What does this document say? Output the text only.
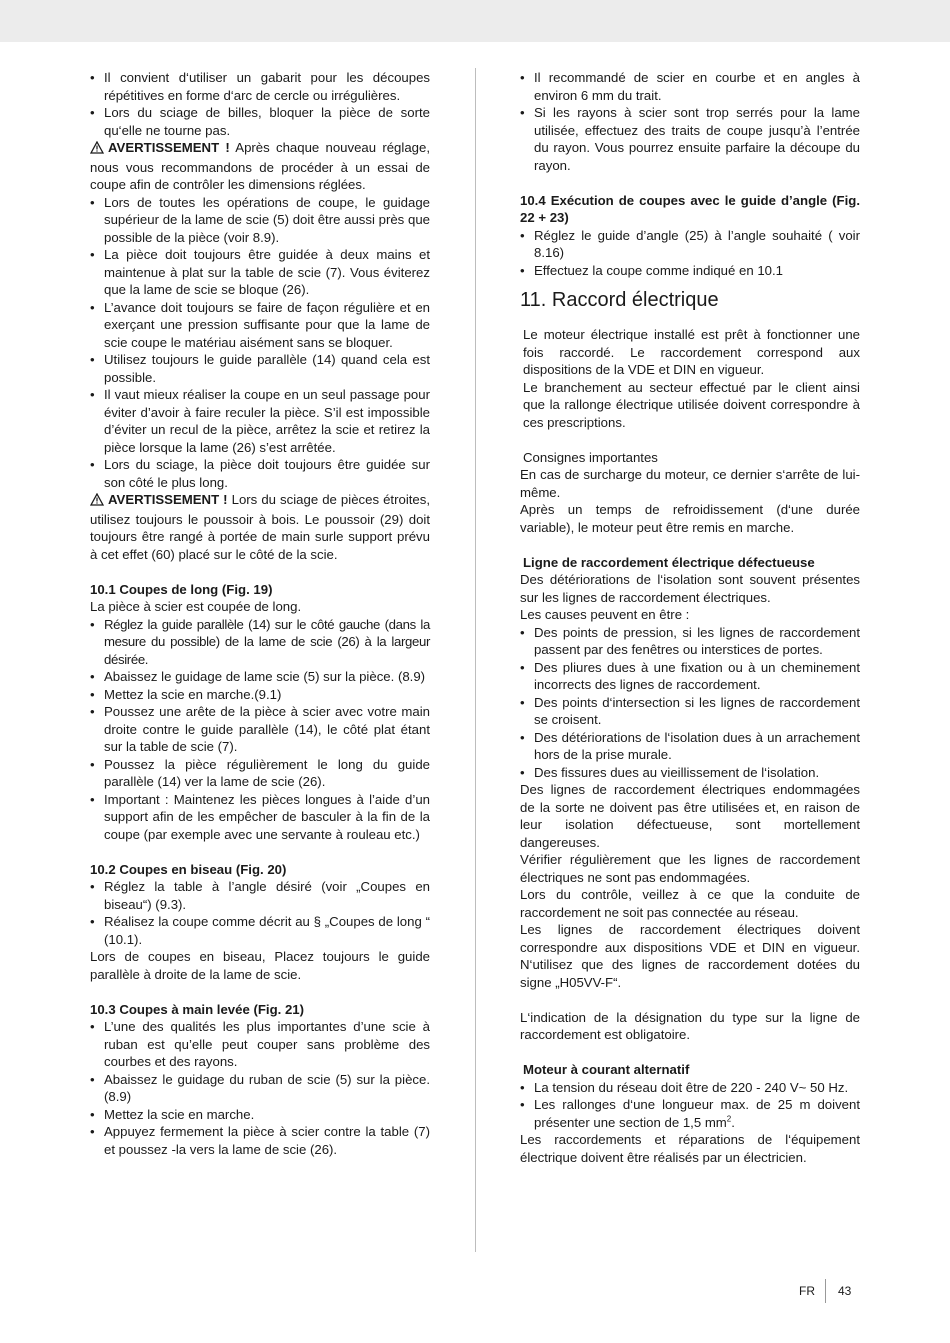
• Il convient d‘utiliser un gabarit pour les découpes répétitives en forme d‘arc de cercle ou irrégulières.

• Lors du sciage de billes, bloquer la pièce de sorte qu‘elle ne tourne pas.

AVERTISSEMENT ! Après chaque nouveau réglage, nous vous recommandons de procéder à un essai de coupe afin de contrôler les dimensions réglées.

• Lors de toutes les opérations de coupe, le guidage supérieur de la lame de scie (5) doit être aussi près que possible de la pièce (voir 8.9).

• La pièce doit toujours être guidée à deux mains et maintenue à plat sur la table de scie (7). Vous éviterez que la lame de scie se bloque (26).

• L’avance doit toujours se faire de façon régulière et en exerçant une pression suffisante pour que la lame de scie coupe le matériau aisément sans se bloquer.

• Utilisez toujours le guide parallèle (14) quand cela est possible.

• Il vaut mieux réaliser la coupe en un seul passage pour éviter d’avoir à faire reculer la pièce. S’il est impossible d’éviter un recul de la pièce, arrêtez la scie et retirez la pièce lorsque la lame (26) s’est arrêtée.

• Lors du sciage, la pièce doit toujours être guidée sur son côté le plus long.

AVERTISSEMENT ! Lors du sciage de pièces étroites, utilisez toujours le poussoir à bois. Le poussoir (29) doit toujours être rangé à portée de main surle support prévu à cet effet (60) placé sur le côté de la scie.

10.1 Coupes de long (Fig. 19)

La pièce à scier est coupée de long.

• Réglez la guide parallèle (14) sur le côté gauche (dans la mesure du possible) de la lame de scie (26) à la largeur désirée.

• Abaissez le guidage de lame scie (5) sur la pièce. (8.9)

• Mettez la scie en marche.(9.1)

• Poussez une arête de la pièce à scier avec votre main droite contre le guide parallèle (14), le côté plat étant sur la table de scie (7).

• Poussez la pièce régulièrement le long du guide parallèle (14) ver la lame de scie (26).

• Important : Maintenez les pièces longues à l’aide d’un support afin de les empêcher de basculer à la fin de la coupe (par exemple avec une servante à rouleau etc.)

10.2 Coupes en biseau (Fig. 20)

• Réglez la table à l’angle désiré (voir „Coupes en biseau“) (9.3).

• Réalisez la coupe comme décrit au § „Coupes de long “ (10.1).

Lors de coupes en biseau, Placez toujours le guide parallèle à droite de la lame de scie.

10.3 Coupes à main levée (Fig. 21)

• L’une des qualités les plus importantes d’une scie à ruban est qu’elle peut couper sans problème des courbes et des rayons.

• Abaissez le guidage du ruban de scie (5) sur la pièce. (8.9)

• Mettez la scie en marche.

• Appuyez fermement la pièce à scier contre la table (7) et poussez -la vers la lame de scie (26).

• Il recommandé de scier en courbe et en angles à environ 6 mm du trait.

• Si les rayons à scier sont trop serrés pour la lame utilisée, effectuez des traits de coupe jusqu’à l’entrée du rayon. Vous pourrez ensuite parfaire la découpe du rayon.

10.4 Exécution de coupes avec le guide d’angle (Fig. 22 + 23)

• Réglez le guide d’angle (25) à l’angle souhaité ( voir 8.16)

• Effectuez la coupe comme indiqué en 10.1

11. Raccord électrique

Le moteur électrique installé est prêt à fonctionner une fois raccordé. Le raccordement correspond aux dispositions de la VDE et DIN en vigueur.

Le branchement au secteur effectué par le client ainsi que la rallonge électrique utilisée doivent correspondre à ces prescriptions.

Consignes importantes

En cas de surcharge du moteur, ce dernier s‘arrête de lui-même.

Après un temps de refroidissement (d‘une durée variable), le moteur peut être remis en marche.

Ligne de raccordement électrique défectueuse

Des détériorations de l‘isolation sont souvent présentes sur les lignes de raccordement électriques.

Les causes peuvent en être :

• Des points de pression, si les lignes de raccordement passent par des fenêtres ou interstices de portes.

• Des pliures dues à une fixation ou à un cheminement incorrects des lignes de raccordement.

• Des points d‘intersection si les lignes de raccordement se croisent.

• Des détériorations de l‘isolation dues à un arrachement hors de la prise murale.

• Des fissures dues au vieillissement de l‘isolation.

Des lignes de raccordement électriques endommagées de la sorte ne doivent pas être utilisées et, en raison de leur isolation défectueuse, sont mortellement dangereuses.

Vérifier régulièrement que les lignes de raccordement électriques ne sont pas endommagées.

Lors du contrôle, veillez à ce que la conduite de raccordement ne soit pas connectée au réseau.

Les lignes de raccordement électriques doivent correspondre aux dispositions VDE et DIN en vigueur. N‘utilisez que des lignes de raccordement dotées du signe „H05VV-F“.

L‘indication de la désignation du type sur la ligne de raccordement est obligatoire.

Moteur à courant alternatif

• La tension du réseau doit être de 220 - 240 V~ 50 Hz.

• Les rallonges d‘une longueur max. de 25 m doivent présenter une section de 1,5 $mm^2$.

Les raccordements et réparations de l‘équipement électrique doivent être réalisés par un électricien.

FR 43
